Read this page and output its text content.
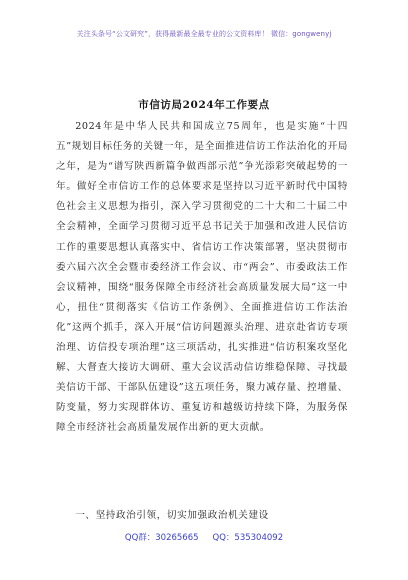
关注头条号“公文研究”，获得最新最全最专业的公文资料库！ 微信：gongwenyj
市信访局2024年工作要点

2024年是中华人民共和国成立75周年，也是实施“十四五”规划目标任务的关键一年，是全面推进信访工作法治化的开局之年，是为“谱写陕西新篇争做西部示范”争光添彩突破起势的一年。做好全市信访工作的总体要求是坚持以习近平新时代中国特色社会主义思想为指引，深入学习贯彻党的二十大和二十届二中全会精神，全面学习贯彻习近平总书记关于加强和改进人民信访工作的重要思想认真落实中、省信访工作决策部署，坚决贯彻市委六届六次全会暨市委经济工作会议、市“两会”、市委政法工作会议精神，围绕“服务保障全市经济社会高质量发展大局”这一中心，扭住“贯彻落实《信访工作条例》、全面推进信访工作法治化”这两个抓手，深入开展“信访问题源头治理、进京赴省访专项治理、访信投专项治理”这三项活动，扎实推进“信访积案攻坚化解、大督查大接访大调研、重大会议活动信访维稳保障、寻找最美信访干部、干部队伍建设”这五项任务，聚力减存量、控增量、防变量，努力实现群体访、重复访和越级访持续下降，为服务保障全市经济社会高质量发展作出新的更大贡献。

一、坚持政治引领，切实加强政治机关建设

QQ群：30265665 QQ：535304092
